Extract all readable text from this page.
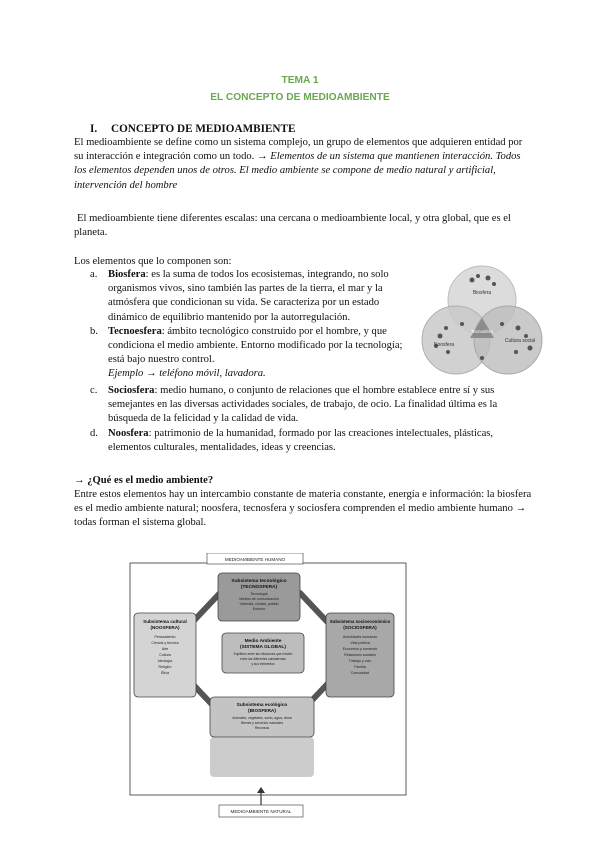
TEMA 1
EL CONCEPTO DE MEDIOAMBIENTE
I. CONCEPTO DE MEDIOAMBIENTE
El medioambiente se define como un sistema complejo, un grupo de elementos que adquieren entidad por su interacción e integración como un todo. → Elementos de un sistema que mantienen interacción. Todos los elementos dependen unos de otros. El medio ambiente se compone de medio natural y artificial, intervención del hombre
El medioambiente tiene diferentes escalas: una cercana o medioambiente local, y otra global, que es el planeta.
Los elementos que lo componen son:
a. Biosfera: es la suma de todos los ecosistemas, integrando, no solo organismos vivos, sino también las partes de la tierra, el mar y la atmósfera que condicionan su vida. Se caracteriza por un estado dinámico de equilibrio mantenido por la autorregulación.
b. Tecnoesfera: ámbito tecnológico construido por el hombre, y que condiciona el medio ambiente. Entorno modificado por la tecnología; está bajo nuestro control.
Ejemplo → teléfono móvil, lavadora.
c. Sociosfera: medio humano, o conjunto de relaciones que el hombre establece entre sí y sus semejantes en las diversas actividades sociales, de trabajo, de ocio. La finalidad última es la búsqueda de la felicidad y la calidad de vida.
d. Noosfera: patrimonio de la humanidad, formado por las creaciones intelectuales, plásticas, elementos culturales, mentalidades, ideas y creencias.
Biosfera
Noosfera
Cultura social
Tecnosfera
→ ¿Qué es el medio ambiente?
Entre estos elementos hay un intercambio constante de materia constante, energía e información: la biosfera es el medio ambiente natural; noosfera, tecnosfera y sociosfera comprenden el medio ambiente humano → todas forman el sistema global.
MEDIOAMBIENTE HUMANO
MEDIOAMBIENTE NATURAL
Subsistema tecnológico
(TECNOSFERA)
Tecnología
Medios de comunicación
Vivienda, ciudad, pueblo
Entorno
Medio Ambiente
(SISTEMA GLOBAL)
Equilibrio entre las relaciones que existen
entre las diferentes subsistemas
y sus elementos
Subsistema cultural
(NOOSFERA)
Pensamiento
Ciencia y técnica
Arte
Cultura
Ideología
Religión
Ética
Subsistema socioeconómico
(SOCIOSFERA)
Actividades humanas
Vida política
Economía y comercio
Relaciones sociales
Trabajo y ocio
Familia
Comunidad
Subsistema ecológico
(BIOSFERA)
Animales, vegetales, suelo, agua, clima
Bienes y servicios naturales
Recursos
